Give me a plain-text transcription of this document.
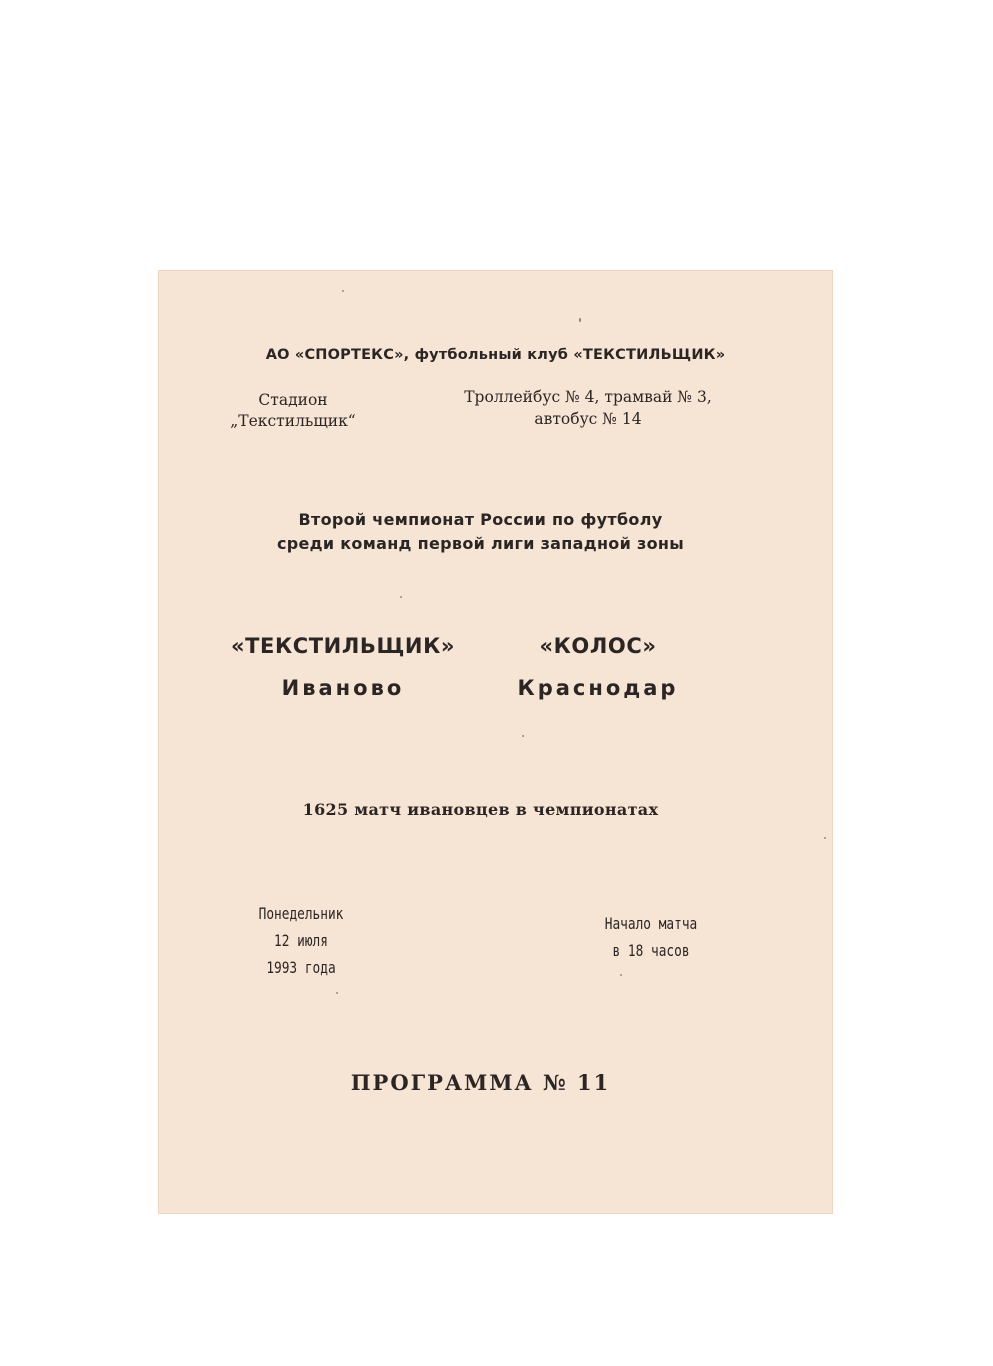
АО «СПОРТЕКС», футбольный клуб «ТЕКСТИЛЬЩИК»
Стадион
„Текстильщик“
Троллейбус № 4, трамвай № 3,
автобус № 14
Второй чемпионат России по футболу
среди команд первой лиги западной зоны
«ТЕКСТИЛЬЩИК»	«КОЛОС»
Иваново	Краснодар
1625 матч ивановцев в чемпионатах
Понедельник
12 июля
1993 года
Начало матча
в 18 часов
ПРОГРАММА № 11
